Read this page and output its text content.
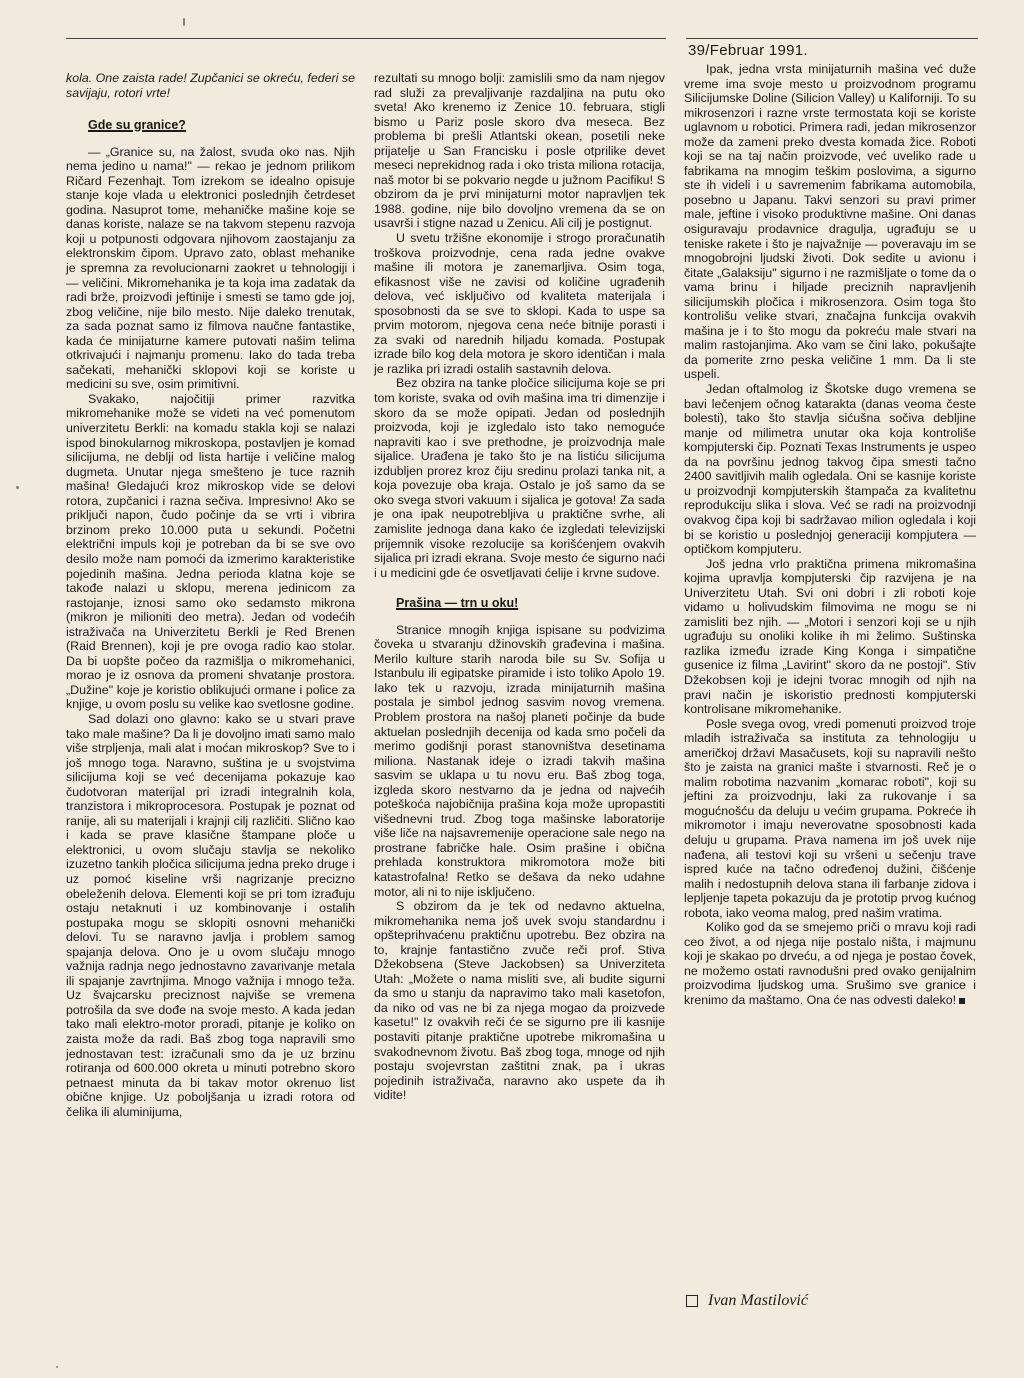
39/Februar 1991.

kola. One zaista rade! Zupčanici se okreću, federi se savijaju, rotori vrte!

Gde su granice?

— „Granice su, na žalost, svuda oko nas. Njih nema jedino u nama!" — rekao je jednom prilikom Ričard Fezenhajt. Tom izrekom se idealno opisuje stanje koje vlada u elektronici poslednjih četrdeset godina. Nasuprot tome, mehaničke mašine koje se danas koriste, nalaze se na takvom stepenu razvoja koji u potpunosti odgovara njihovom zaostajanju za elektronskim čipom. Upravo zato, oblast mehanike je spremna za revolucionarni zaokret u tehnologiji i — veličini. Mikromehanika je ta koja ima zadatak da radi brže, proizvodi jeftinije i smesti se tamo gde joj, zbog veličine, nije bilo mesto. Nije daleko trenutak, za sada poznat samo iz filmova naučne fantastike, kada će minijaturne kamere putovati našim telima otkrivajući i najmanju promenu. Iako do tada treba sačekati, mehanički sklopovi koji se koriste u medicini su sve, osim primitivni.

Svakako, najočitiji primer razvitka mikromehanike može se videti na već pomenutom univerzitetu Berkli: na komadu stakla koji se nalazi ispod binokularnog mikroskopa, postavljen je komad silicijuma, ne deblji od lista hartije i veličine malog dugmeta. Unutar njega smešteno je tuce raznih mašina! Gledajući kroz mikroskop vide se delovi rotora, zupčanici i razna sečiva. Impresivno! Ako se priključi napon, čudo počinje da se vrti i vibrira brzinom preko 10.000 puta u sekundi. Početni električni impuls koji je potreban da bi se sve ovo desilo može nam pomoći da izmerimo karakteristike pojedinih mašina. Jedna perioda klatna koje se takođe nalazi u sklopu, merena jedinicom za rastojanje, iznosi samo oko sedamsto mikrona (mikron je milioniti deo metra). Jedan od vodećih istraživača na Univerzitetu Berkli je Red Brenen (Raid Brennen), koji je pre ovoga radio kao stolar. Da bi uopšte počeo da razmišlja o mikromehanici, morao je iz osnova da promeni shvatanje prostora. „Dužine" koje je koristio oblikujući ormane i police za knjige, u ovom poslu su velike kao svetlosne godine.

Sad dolazi ono glavno: kako se u stvari prave tako male mašine? Da li je dovoljno imati samo malo više strpljenja, mali alat i moćan mikroskop? Sve to i još mnogo toga. Naravno, suština je u svojstvima silicijuma koji se već decenijama pokazuje kao čudotvoran materijal pri izradi integralnih kola, tranzistora i mikroprocesora. Postupak je poznat od ranije, ali su materijali i krajnji cilj različiti. Slično kao i kada se prave klasične štampane ploče u elektronici, u ovom slučaju stavlja se nekoliko izuzetno tankih pločica silicijuma jedna preko druge i uz pomoć kiseline vrši nagrizanje precizno obeleženih delova. Elementi koji se pri tom izrađuju ostaju netaknuti i uz kombinovanje i ostalih postupaka mogu se sklopiti osnovni mehanički delovi. Tu se naravno javlja i problem samog spajanja delova. Ono je u ovom slučaju mnogo važnija radnja nego jednostavno zavarivanje metala ili spajanje zavrtnjima. Mnogo važnija i mnogo teža. Uz švajcarsku preciznost najviše se vremena potrošila da sve dođe na svoje mesto. A kada jedan tako mali elektro-motor proradi, pitanje je koliko on zaista može da radi. Baš zbog toga napravili smo jednostavan test: izračunali smo da je uz brzinu rotiranja od 600.000 okreta u minuti potrebno skoro petnaest minuta da bi takav motor okrenuo list obične knjige. Uz poboljšanja u izradi rotora od čelika ili aluminijuma,

rezultati su mnogo bolji: zamislili smo da nam njegov rad služi za prevaljivanje razdaljina na putu oko sveta! Ako krenemo iz Zenice 10. februara, stigli bismo u Pariz posle skoro dva meseca. Bez problema bi prešli Atlantski okean, posetili neke prijatelje u San Francisku i posle otprilike devet meseci neprekidnog rada i oko trista miliona rotacija, naš motor bi se pokvario negde u južnom Pacifiku! S obzirom da je prvi minijaturni motor napravljen tek 1988. godine, nije bilo dovoljno vremena da se on usavrši i stigne nazad u Zenicu. Ali cilj je postignut.

U svetu tržišne ekonomije i strogo proračunatih troškova proizvodnje, cena rada jedne ovakve mašine ili motora je zanemarljiva. Osim toga, efikasnost više ne zavisi od količine ugrađenih delova, već isključivo od kvaliteta materijala i sposobnosti da se sve to sklopi. Kada to uspe sa prvim motorom, njegova cena neće bitnije porasti i za svaki od narednih hiljadu komada. Postupak izrade bilo kog dela motora je skoro identičan i mala je razlika pri izradi ostalih sastavnih delova.

Bez obzira na tanke pločice silicijuma koje se pri tom koriste, svaka od ovih mašina ima tri dimenzije i skoro da se može opipati. Jedan od poslednjih proizvoda, koji je izgledalo isto tako nemoguće napraviti kao i sve prethodne, je proizvodnja male sijalice. Urađena je tako što je na listiću silicijuma izdubljen prorez kroz čiju sredinu prolazi tanka nit, a koja povezuje oba kraja. Ostalo je još samo da se oko svega stvori vakuum i sijalica je gotova! Za sada je ona ipak neupotrebljiva u praktične svrhe, ali zamislite jednoga dana kako će izgledati televizijski prijemnik visoke rezolucije sa korišćenjem ovakvih sijalica pri izradi ekrana. Svoje mesto će sigurno naći i u medicini gde će osvetljavati ćelije i krvne sudove.

Prašina — trn u oku!

Stranice mnogih knjiga ispisane su podvizima čoveka u stvaranju džinovskih građevina i mašina. Merilo kulture starih naroda bile su Sv. Sofija u Istanbulu ili egipatske piramide i isto toliko Apolo 19. Iako tek u razvoju, izrada minijaturnih mašina postala je simbol jednog sasvim novog vremena. Problem prostora na našoj planeti počinje da bude aktuelan poslednjih decenija od kada smo počeli da merimo godišnji porast stanovništva desetinama miliona. Nastanak ideje o izradi takvih mašina sasvim se uklapa u tu novu eru. Baš zbog toga, izgleda skoro nestvarno da je jedna od najvećih poteškoća najobičnija prašina koja može upropastiti višednevni trud. Zbog toga mašinske laboratorije više liče na najsavremenije operacione sale nego na prostrane fabričke hale. Osim prašine i obična prehlada konstruktora mikromotora može biti katastrofalna! Retko se dešava da neko udahne motor, ali ni to nije isključeno.

S obzirom da je tek od nedavno aktuelna, mikromehanika nema još uvek svoju standardnu i opšteprihvaćenu praktičnu upotrebu. Bez obzira na to, krajnje fantastično zvuče reči prof. Stiva Džekobsena (Steve Jackobsen) sa Univerziteta Utah: „Možete o nama misliti sve, ali budite sigurni da smo u stanju da napravimo tako mali kasetofon, da niko od vas ne bi za njega mogao da proizvede kasetu!" Iz ovakvih reči će se sigurno pre ili kasnije postaviti pitanje praktične upotrebe mikromašina u svakodnevnom životu. Baš zbog toga, mnoge od njih postaju svojevrstan zaštitni znak, pa i ukras pojedinih istraživača, naravno ako uspete da ih vidite!

Ipak, jedna vrsta minijaturnih mašina već duže vreme ima svoje mesto u proizvodnom programu Silicijumske Doline (Silicion Valley) u Kaliforniji. To su mikrosenzori i razne vrste termostata koji se koriste uglavnom u robotici. Primera radi, jedan mikrosenzor može da zameni preko dvesta komada žice. Roboti koji se na taj način proizvode, već uveliko rade u fabrikama na mnogim teškim poslovima, a sigurno ste ih videli i u savremenim fabrikama automobila, posebno u Japanu. Takvi senzori su pravi primer male, jeftine i visoko produktivne mašine. Oni danas osiguravaju prodavnice dragulja, ugrađuju se u teniske rakete i što je najvažnije — poveravaju im se mnogobrojni ljudski životi. Dok sedite u avionu i čitate „Galaksiju" sigurno i ne razmišljate o tome da o vama brinu i hiljade preciznih napravljenih silicijumskih pločica i mikrosenzora. Osim toga što kontrolišu velike stvari, značajna funkcija ovakvih mašina je i to što mogu da pokreću male stvari na malim rastojanjima. Ako vam se čini lako, pokušajte da pomerite zrno peska veličine 1 mm. Da li ste uspeli.

Jedan oftalmolog iz Škotske dugo vremena se bavi lečenjem očnog katarakta (danas veoma česte bolesti), tako što stavlja sićušna sočiva debljine manje od milimetra unutar oka koja kontroliše kompjuterski čip. Poznati Texas Instruments je uspeo da na površinu jednog takvog čipa smesti tačno 2400 savitljivih malih ogledala. Oni se kasnije koriste u proizvodnji kompjuterskih štampača za kvalitetnu reprodukciju slika i slova. Već se radi na proizvodnji ovakvog čipa koji bi sadržavao milion ogledala i koji bi se koristio u poslednjoj generaciji kompjutera — optičkom kompjuteru.

Još jedna vrlo praktična primena mikromašina kojima upravlja kompjuterski čip razvijena je na Univerzitetu Utah. Svi oni dobri i zli roboti koje vidamo u holivudskim filmovima ne mogu se ni zamisliti bez njih. — „Motori i senzori koji se u njih ugrađuju su onoliki kolike ih mi želimo. Suštinska razlika između izrade King Konga i simpatične gusenice iz filma „Lavirint" skoro da ne postoji". Stiv Džekobsen koji je idejni tvorac mnogih od njih na pravi način je iskoristio prednosti kompjuterski kontrolisane mikromehanike.

Posle svega ovog, vredi pomenuti proizvod troje mladih istraživača sa instituta za tehnologiju u američkoj državi Masačusets, koji su napravili nešto što je zaista na granici mašte i stvarnosti. Reč je o malim robotima nazvanim „komarac roboti", koji su jeftini za proizvodnju, laki za rukovanje i sa mogućnošću da deluju u većim grupama. Pokreće ih mikromotor i imaju neverovatne sposobnosti kada deluju u grupama. Prava namena im još uvek nije nađena, ali testovi koji su vršeni u sečenju trave ispred kuće na tačno određenoj dužini, čišćenje malih i nedostupnih delova stana ili farbanje zidova i lepljenje tapeta pokazuju da je prototip prvog kućnog robota, iako veoma malog, pred našim vratima.

Koliko god da se smejemo priči o mravu koji radi ceo život, a od njega nije postalo ništa, i majmunu koji je skakao po drveću, a od njega je postao čovek, ne možemo ostati ravnodušni pred ovako genijalnim proizvodima ljudskog uma. Srušimo sve granice i krenimo da maštamo. Ona će nas odvesti daleko!

Ivan Mastilović
